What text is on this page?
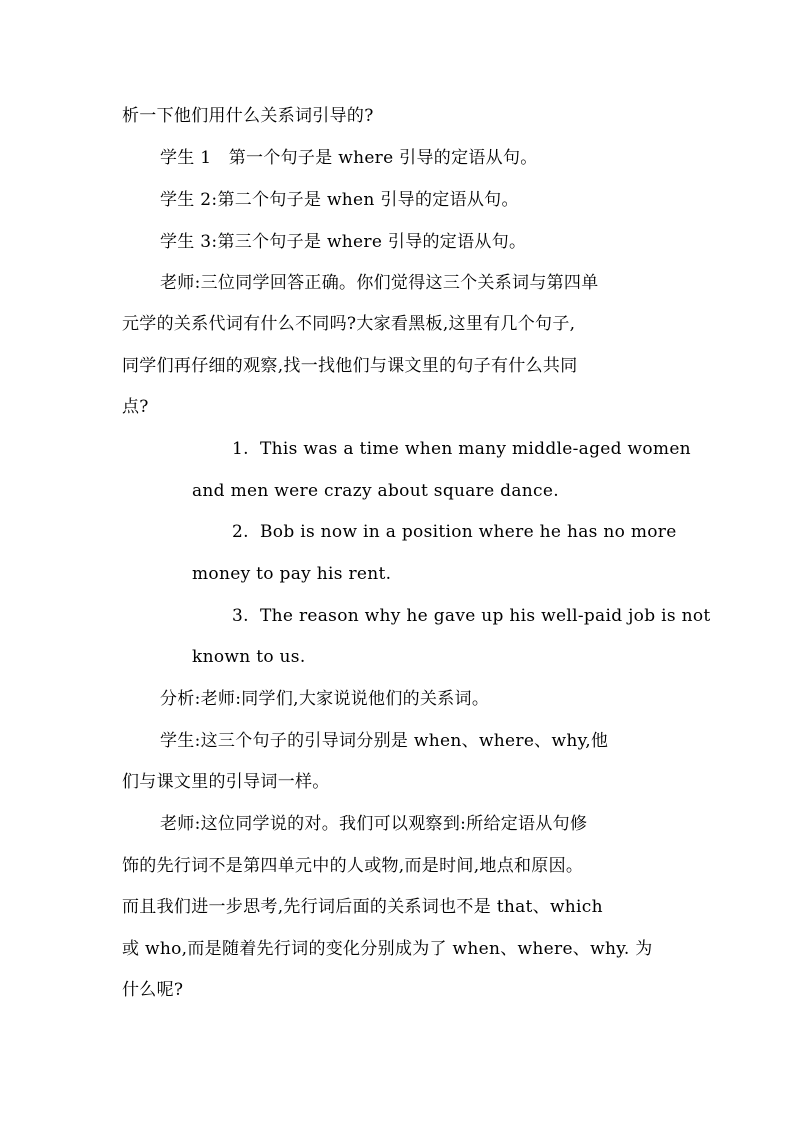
析一下他们用什么关系词引导的?
学生 1　第一个句子是 where 引导的定语从句。
学生 2:第二个句子是 when 引导的定语从句。
学生 3:第三个句子是 where 引导的定语从句。
老师:三位同学回答正确。你们觉得这三个关系词与第四单
元学的关系代词有什么不同吗?大家看黑板,这里有几个句子,
同学们再仔细的观察,找一找他们与课文里的句子有什么共同
点?
1. This was a time when many middle-aged women
and men were crazy about square dance.
2. Bob is now in a position where he has no more
money to pay his rent.
3. The reason why he gave up his well-paid job is not
known to us.
分析:老师:同学们,大家说说他们的关系词。
学生:这三个句子的引导词分别是 when、where、why,他
们与课文里的引导词一样。
老师:这位同学说的对。我们可以观察到:所给定语从句修
饰的先行词不是第四单元中的人或物,而是时间,地点和原因。
而且我们进一步思考,先行词后面的关系词也不是 that、which
或 who,而是随着先行词的变化分别成为了 when、where、why. 为
什么呢?
